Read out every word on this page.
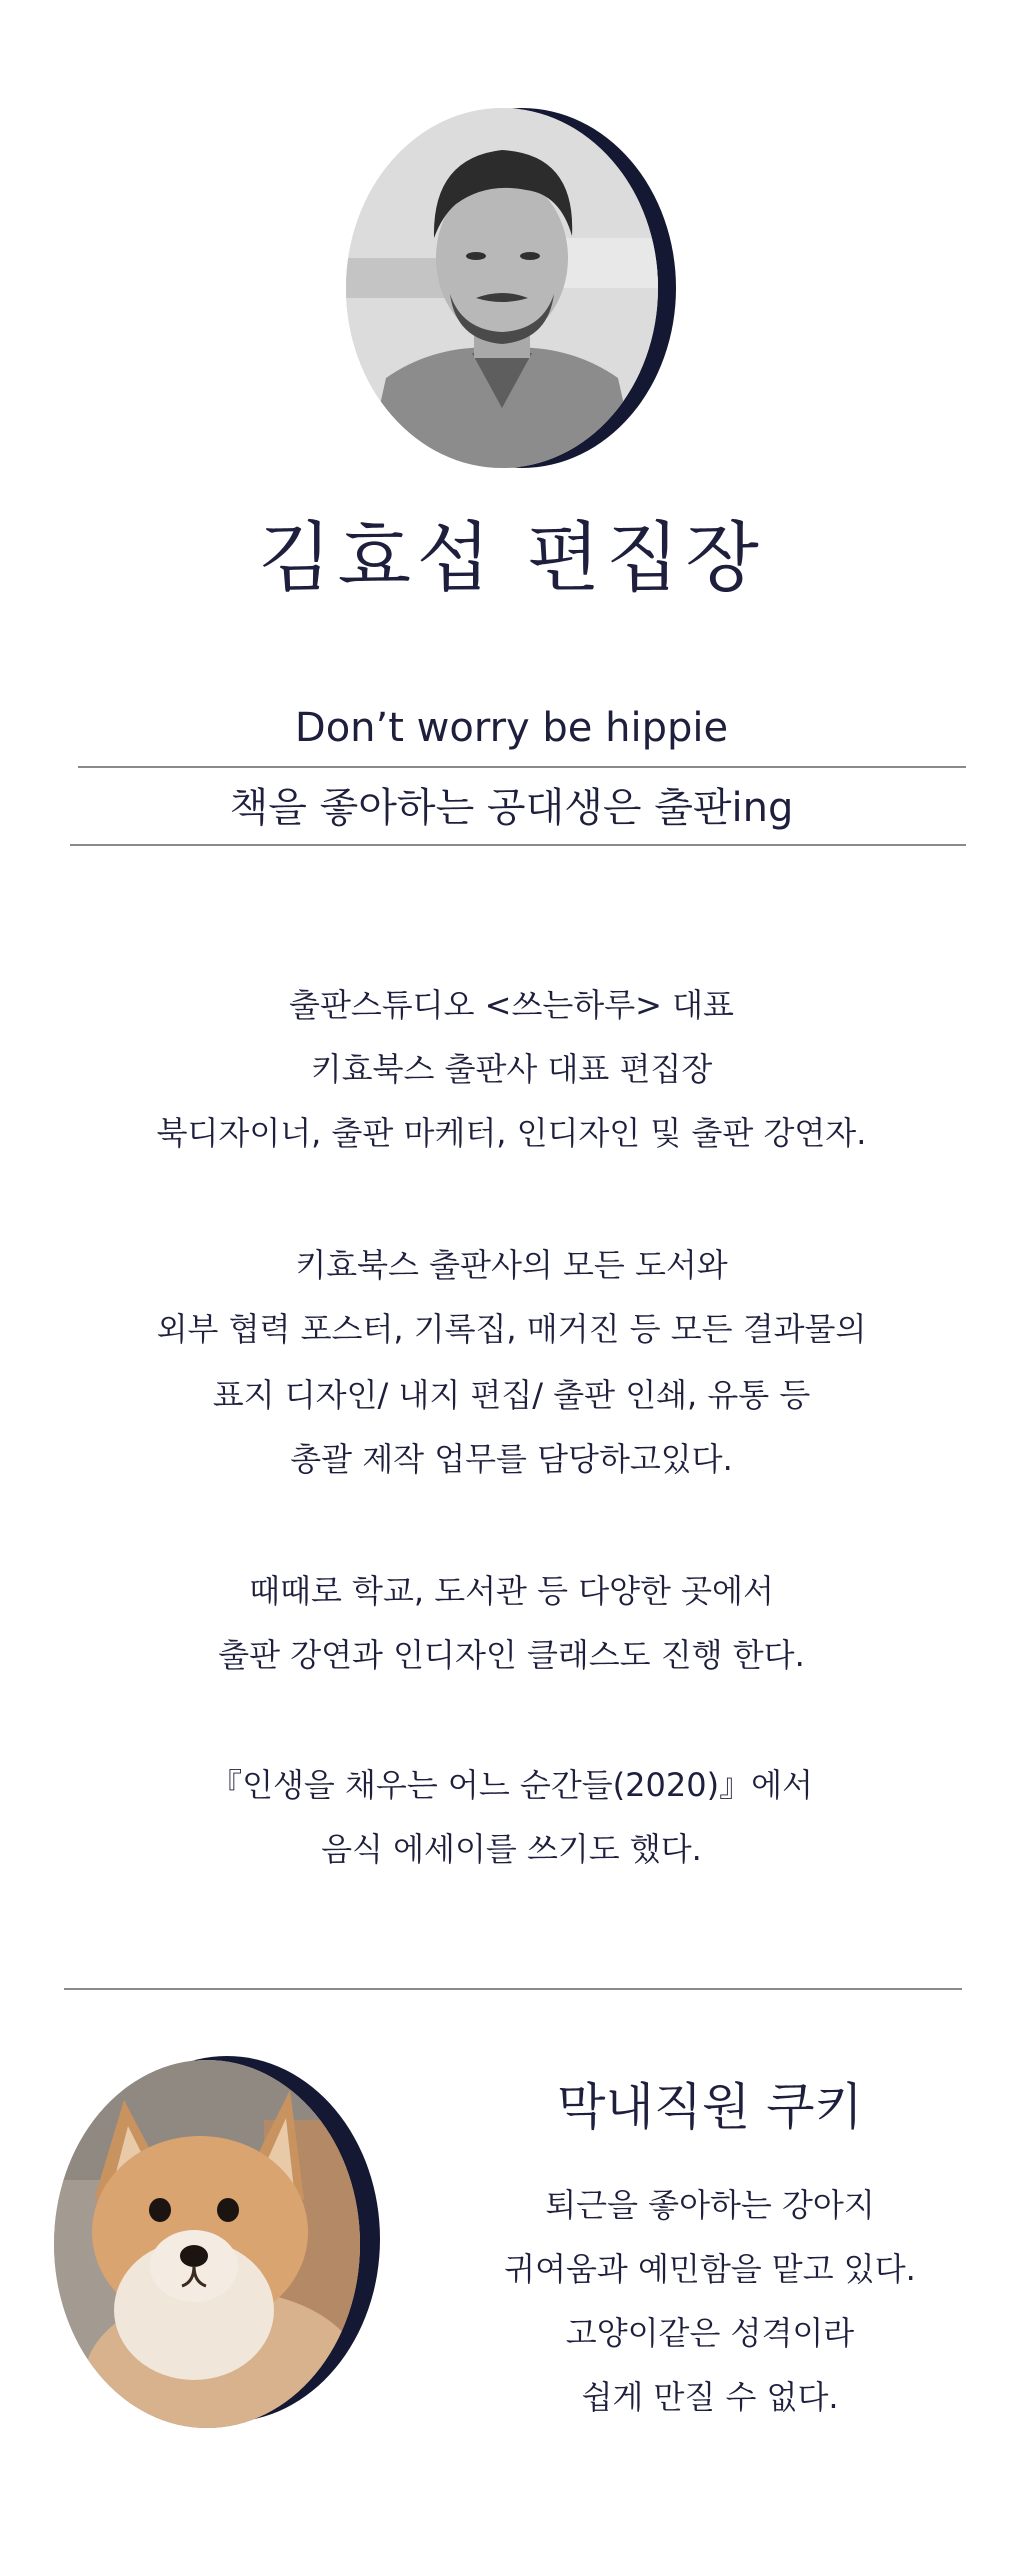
김효섭 편집장
Don’t worry be hippie
책을 좋아하는 공대생은 출판ing
출판스튜디오 <쓰는하루> 대표
키효북스 출판사 대표 편집장
북디자이너, 출판 마케터, 인디자인 및 출판 강연자.
키효북스 출판사의 모든 도서와
외부 협력 포스터, 기록집, 매거진 등 모든 결과물의
표지 디자인/ 내지 편집/ 출판 인쇄, 유통 등
총괄 제작 업무를 담당하고있다.
때때로 학교, 도서관 등 다양한 곳에서
출판 강연과 인디자인 클래스도 진행 한다.
『인생을 채우는 어느 순간들(2020)』에서
음식 에세이를 쓰기도 했다.
막내직원 쿠키
퇴근을 좋아하는 강아지
귀여움과 예민함을 맡고 있다.
고양이같은 성격이라
쉽게 만질 수 없다.
